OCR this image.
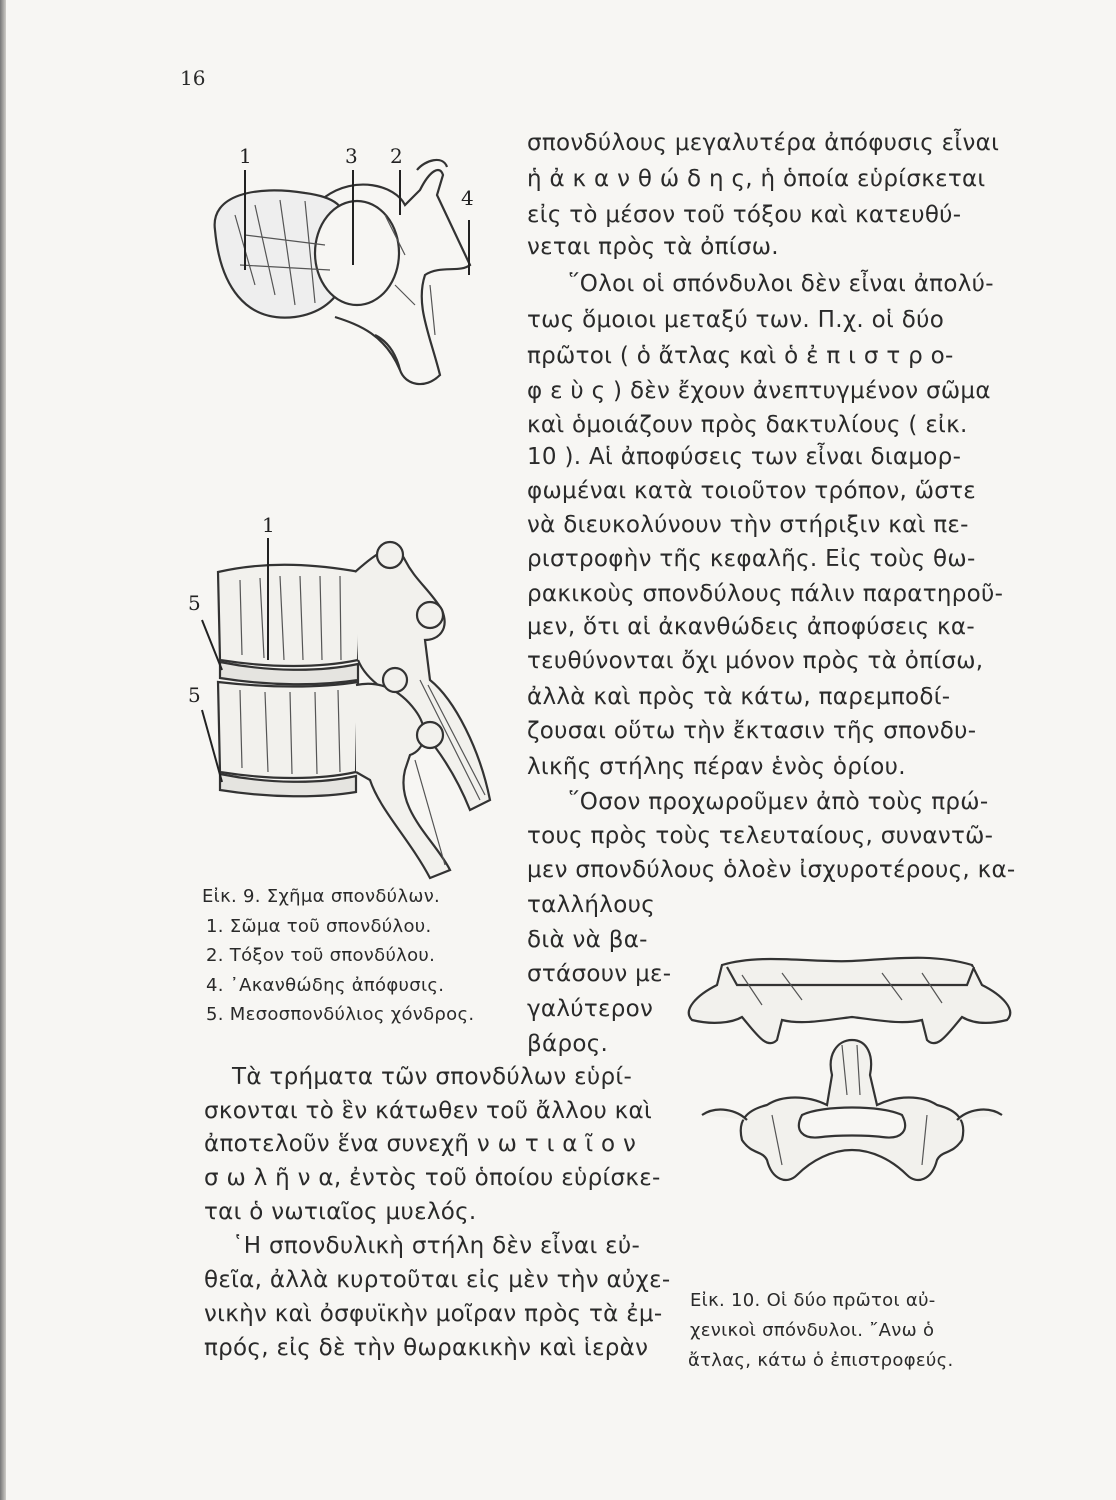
16
1	3 2
4
1
5
5
Εἰκ. 9. Σχῆμα σπονδύλων.
1. Σῶμα τοῦ σπονδύλου.
2. Τόξον τοῦ σπονδύλου.
4. ᾿Ακανθώδης ἀπόφυσις.
5. Μεσοσπονδύλιος χόνδρος.
Εἰκ. 10. Οἱ δύο πρῶτοι αὐ-
χενικοὶ σπόνδυλοι. ῎Ανω ὁ
ἄτλας, κάτω ὁ ἐπιστροφεύς.
σπονδύλους μεγαλυτέρα ἀπόφυσις εἶναι
ἡ ἀ κ α ν θ ώ δ η ς, ἡ ὁποία εὑρίσκεται
εἰς τὸ μέσον τοῦ τόξου καὶ κατευθύ-
νεται πρὸς τὰ ὀπίσω.
῞Ολοι οἱ σπόνδυλοι δὲν εἶναι ἀπολύ-
τως ὅμοιοι μεταξύ των. Π.χ. οἱ δύο
πρῶτοι ( ὁ ἄτλας καὶ ὁ ἐ π ι σ τ ρ ο-
φ ε ὺ ς ) δὲν ἔχουν ἀνεπτυγμένον σῶμα
καὶ ὁμοιάζουν πρὸς δακτυλίους ( εἰκ.
10 ). Αἱ ἀποφύσεις των εἶναι διαμορ-
φωμέναι κατὰ τοιοῦτον τρόπον, ὥστε
νὰ διευκολύνουν τὴν στήριξιν καὶ πε-
ριστροφὴν τῆς κεφαλῆς. Εἰς τοὺς θω-
ρακικοὺς σπονδύλους πάλιν παρατηροῦ-
μεν, ὅτι αἱ ἀκανθώδεις ἀποφύσεις κα-
τευθύνονται ὄχι μόνον πρὸς τὰ ὀπίσω,
ἀλλὰ καὶ πρὸς τὰ κάτω, παρεμποδί-
ζουσαι οὕτω τὴν ἔκτασιν τῆς σπονδυ-
λικῆς στήλης πέραν ἑνὸς ὁρίου.
῞Οσον προχωροῦμεν ἀπὸ τοὺς πρώ-
τους πρὸς τοὺς τελευταίους, συναντῶ-
μεν σπονδύλους ὁλοὲν ἰσχυροτέρους, κα-
ταλλήλους
διὰ νὰ βα-
στάσουν με-
γαλύτερον
βάρος.
Τὰ τρήματα τῶν σπονδύλων εὑρί-
σκονται τὸ ἓν κάτωθεν τοῦ ἄλλου καὶ
ἀποτελοῦν ἕνα συνεχῆ ν ω τ ι α ῖ ο ν
σ ω λ ῆ ν α, ἐντὸς τοῦ ὁποίου εὑρίσκε-
ται ὁ νωτιαῖος μυελός.
῾Η σπονδυλικὴ στήλη δὲν εἶναι εὐ-
θεῖα, ἀλλὰ κυρτοῦται εἰς μὲν τὴν αὐχε-
νικὴν καὶ ὀσφυϊκὴν μοῖραν πρὸς τὰ ἐμ-
πρός, εἰς δὲ τὴν θωρακικὴν καὶ ἱερὰν
